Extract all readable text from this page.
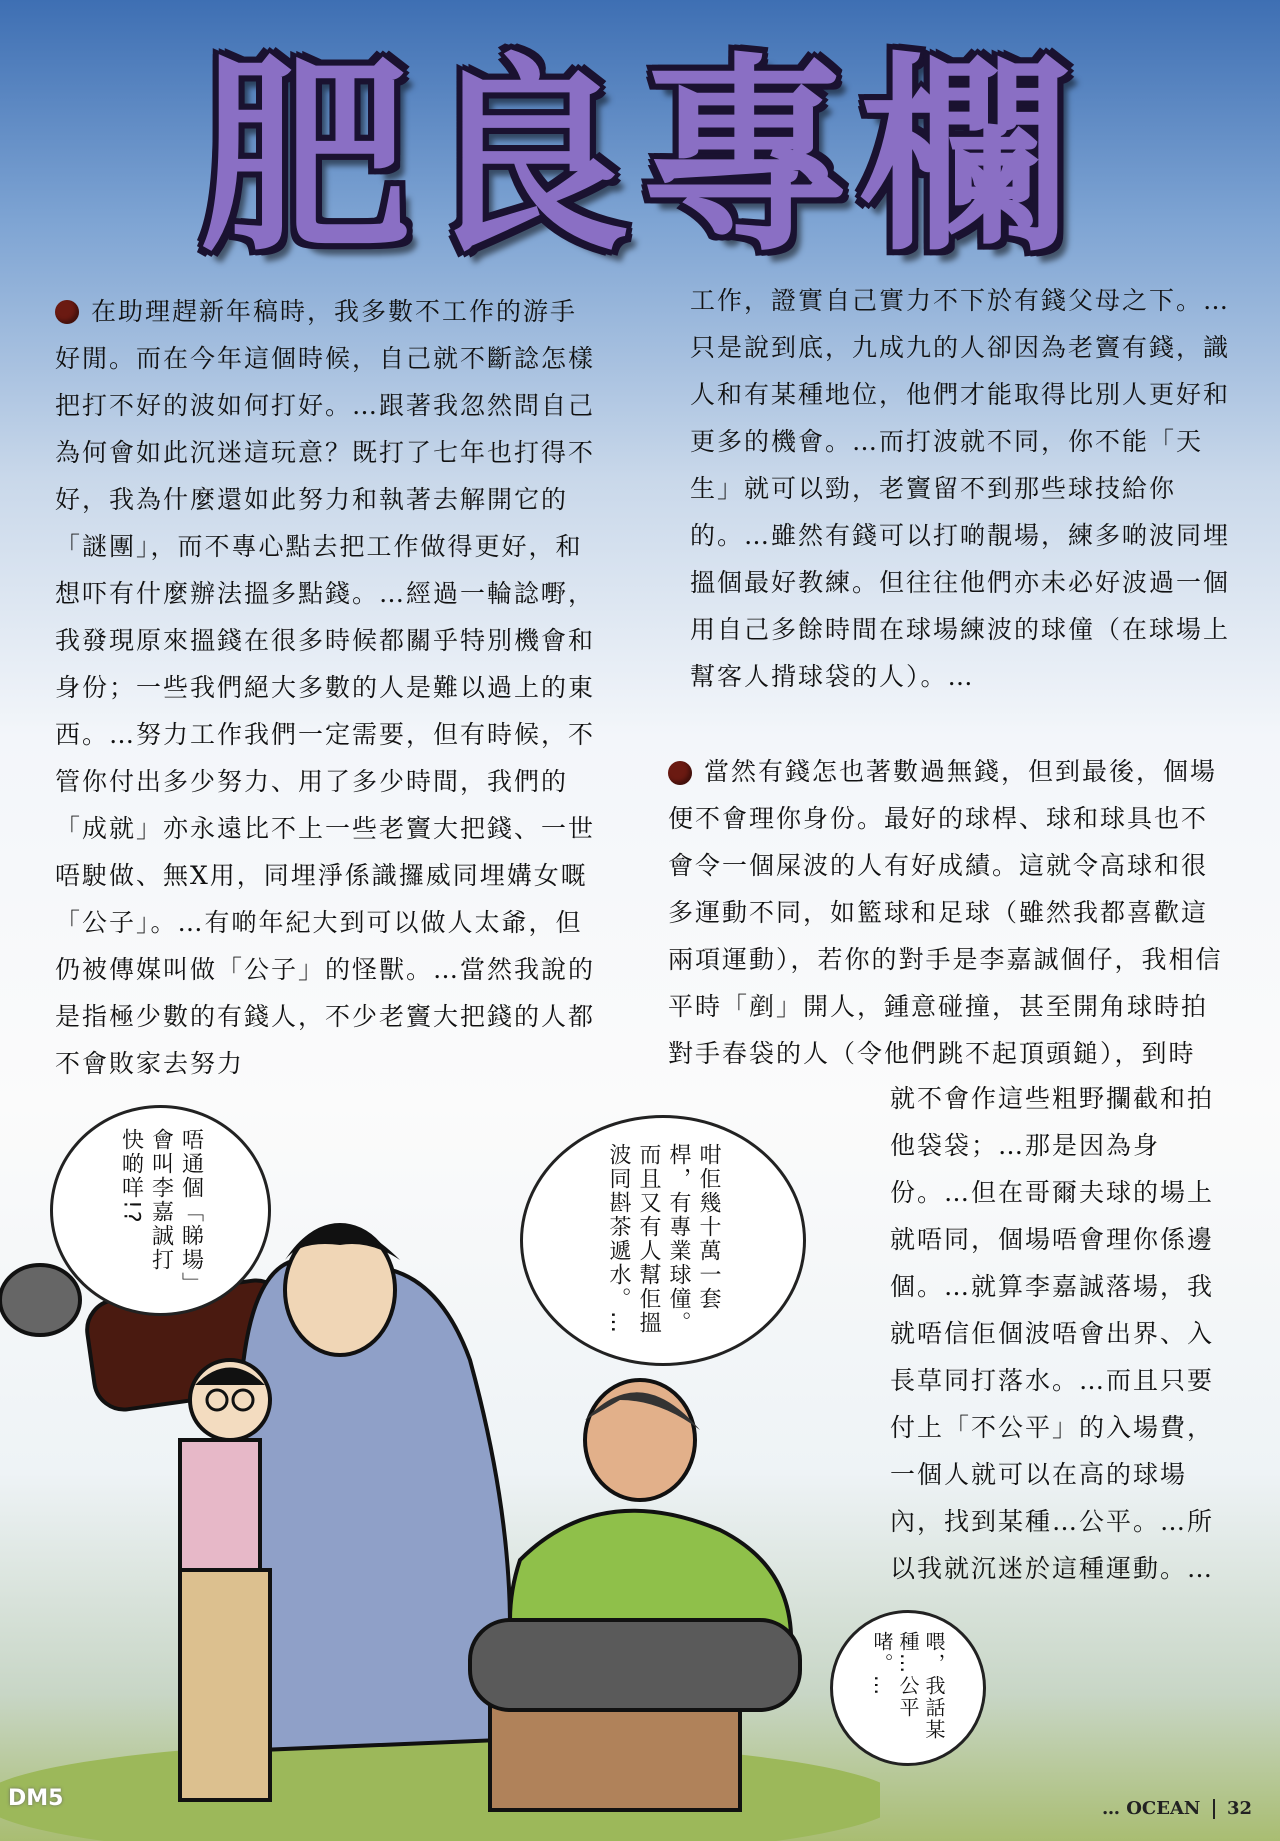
肥良專欄
在助理趕新年稿時，我多數不工作的游手好閒。而在今年這個時候，自己就不斷諗怎樣把打不好的波如何打好。…跟著我忽然問自己為何會如此沉迷這玩意？既打了七年也打得不好，我為什麼還如此努力和執著去解開它的「謎團」，而不專心點去把工作做得更好，和想吓有什麼辦法搵多點錢。…經過一輪諗嘢，我發現原來搵錢在很多時候都關乎特別機會和身份；一些我們絕大多數的人是難以過上的東西。…努力工作我們一定需要，但有時候，不管你付出多少努力、用了多少時間，我們的「成就」亦永遠比不上一些老竇大把錢、一世唔駛做、無X用，同埋淨係識攞威同埋媾女嘅「公子」。…有啲年紀大到可以做人太爺，但仍被傳媒叫做「公子」的怪獸。…當然我說的是指極少數的有錢人，不少老竇大把錢的人都不會敗家去努力
工作，證實自己實力不下於有錢父母之下。…只是說到底，九成九的人卻因為老竇有錢，識人和有某種地位，他們才能取得比別人更好和更多的機會。…而打波就不同，你不能「天生」就可以勁，老竇留不到那些球技給你的。…雖然有錢可以打啲靚場，練多啲波同埋搵個最好教練。但往往他們亦未必好波過一個用自己多餘時間在球場練波的球僮（在球場上幫客人揹球袋的人）。…
當然有錢怎也著數過無錢，但到最後，個場便不會理你身份。最好的球桿、球和球具也不會令一個屎波的人有好成績。這就令高球和很多運動不同，如籃球和足球（雖然我都喜歡這兩項運動），若你的對手是李嘉誠個仔，我相信平時「剷」開人，鍾意碰撞，甚至開角球時拍對手春袋的人（令他們跳不起頂頭鎚），到時
就不會作這些粗野攔截和拍他袋袋；…那是因為身份。…但在哥爾夫球的場上就唔同，個場唔會理你係邊個。…就算李嘉誠落場，我就唔信佢個波唔會出界、入長草同打落水。…而且只要付上「不公平」的入場費，一個人就可以在高的球場內，找到某種…公平。…所以我就沉迷於這種運動。…
唔通個「睇場」會叫李嘉誠打快啲咩!?	咁佢幾十萬一套桿，有專業球僮。而且又有人幫佢搵波同斟茶遞水。…
喂，我話某種…公平啫。…
DM5	… OCEAN 32
